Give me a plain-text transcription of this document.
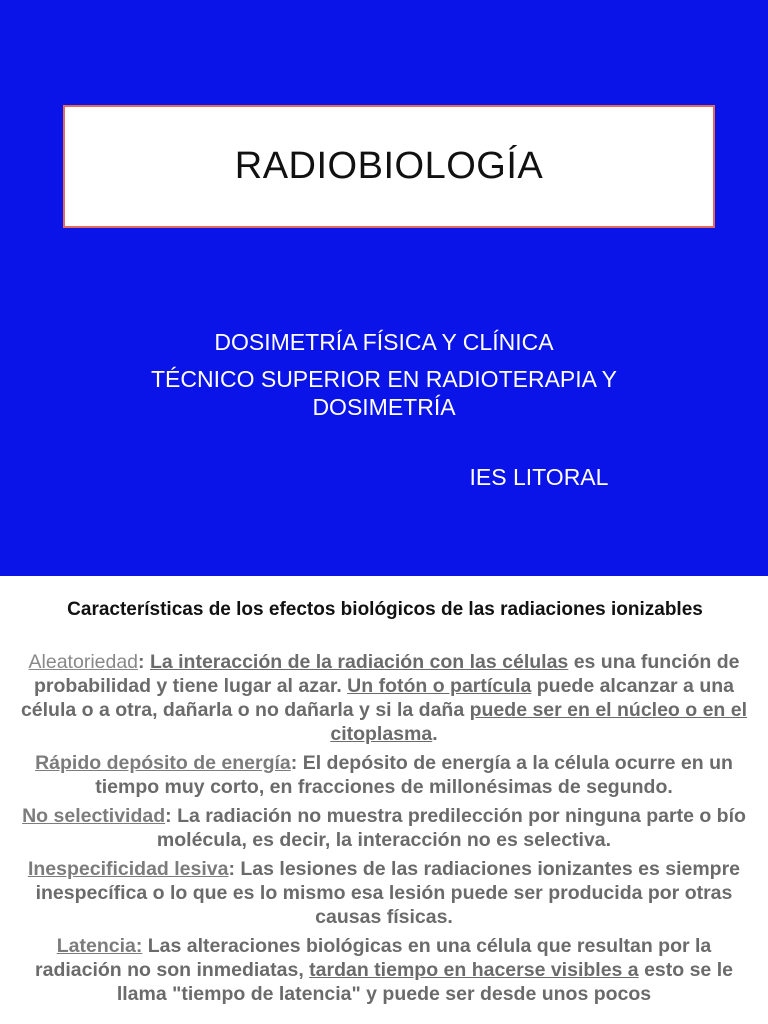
RADIOBIOLOGÍA
DOSIMETRÍA FÍSICA Y CLÍNICA
TÉCNICO SUPERIOR EN RADIOTERAPIA Y
DOSIMETRÍA
IES LITORAL
Características de los efectos biológicos de las radiaciones ionizables

Aleatoriedad: La interacción de la radiación con las células es una función de probabilidad y tiene lugar al azar. Un fotón o partícula puede alcanzar a una célula o a otra, dañarla o no dañarla y si la daña puede ser en el núcleo o en el citoplasma.

Rápido depósito de energía: El depósito de energía a la célula ocurre en un tiempo muy corto, en fracciones de millonésimas de segundo.

No selectividad: La radiación no muestra predilección por ninguna parte o bío molécula, es decir, la interacción no es selectiva.

Inespecificidad lesiva: Las lesiones de las radiaciones ionizantes es siempre inespecífica o lo que es lo mismo esa lesión puede ser producida por otras causas físicas.

Latencia: Las alteraciones biológicas en una célula que resultan por la radiación no son inmediatas, tardan tiempo en hacerse visibles a esto se le llama "tiempo de latencia" y puede ser desde unos pocos
